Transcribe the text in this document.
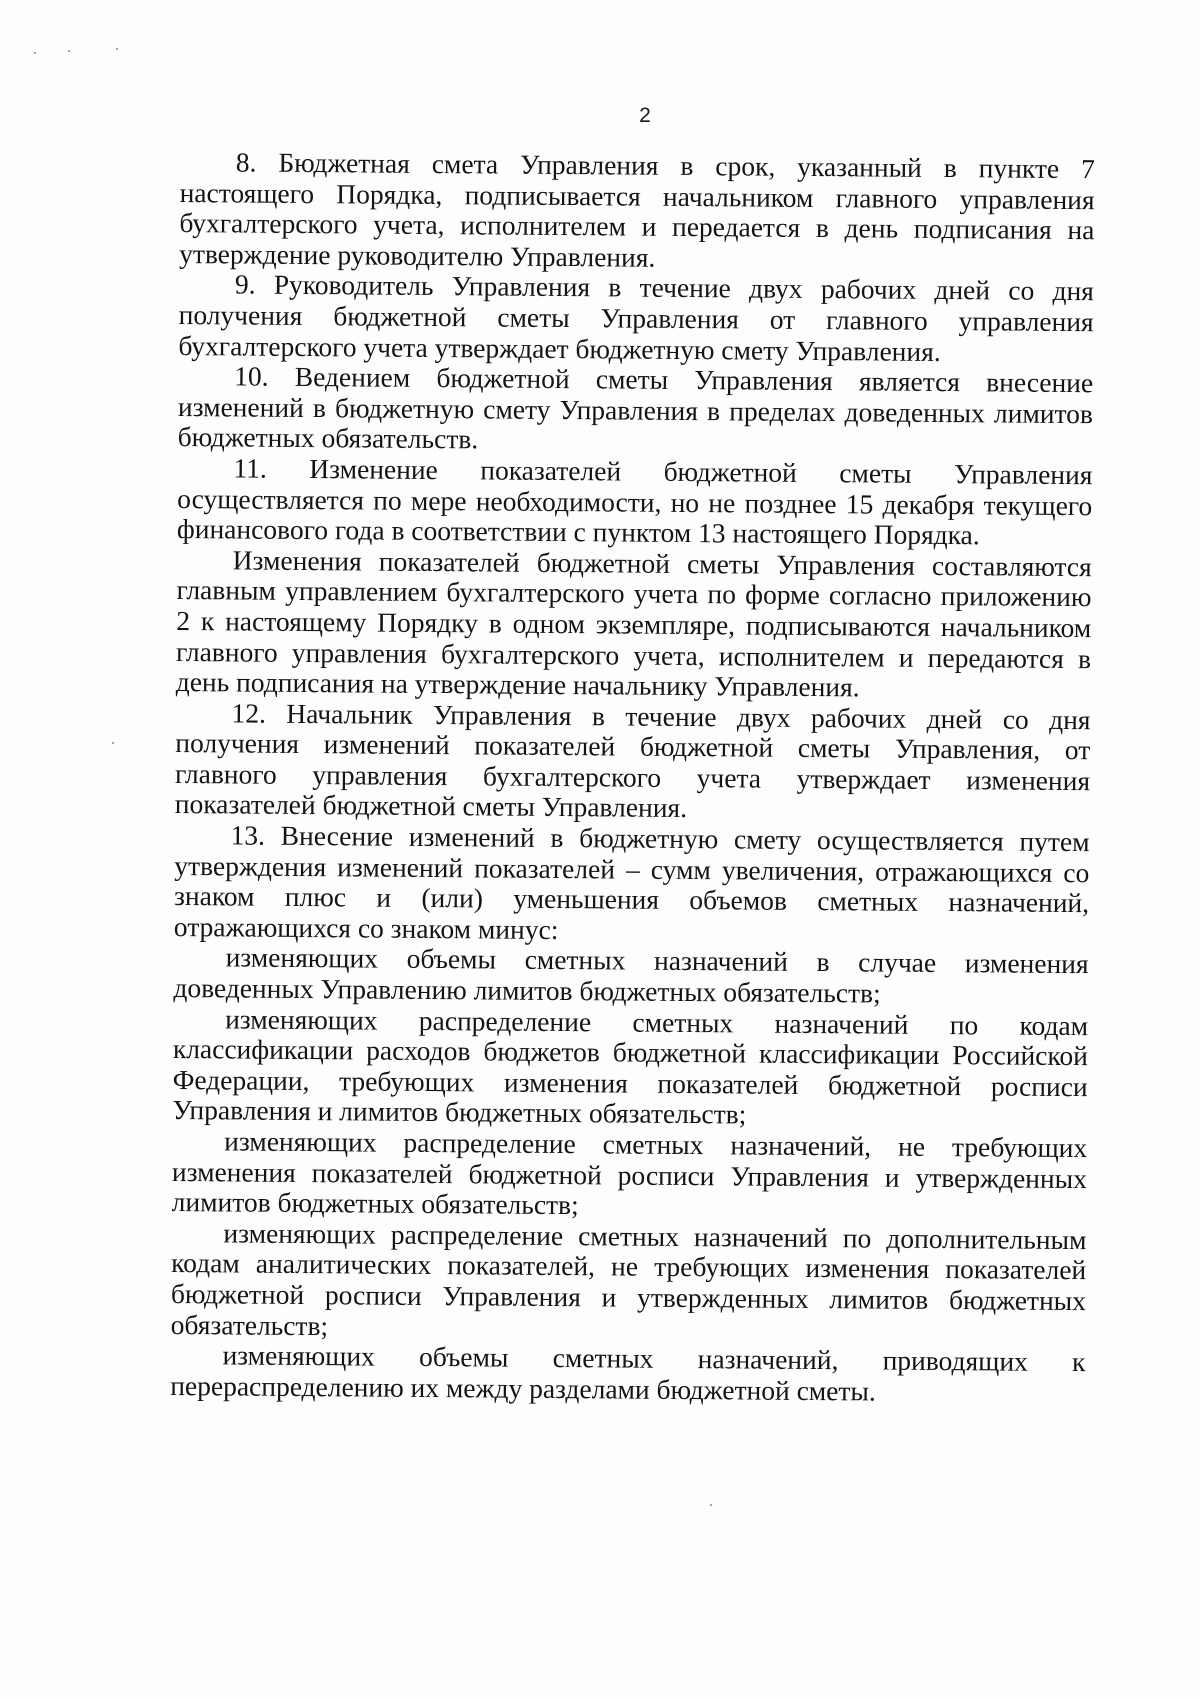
2

8. Бюджетная смета Управления в срок, указанный в пункте 7 настоящего Порядка, подписывается начальником главного управления бухгалтерского учета, исполнителем и передается в день подписания на утверждение руководителю Управления.

9. Руководитель Управления в течение двух рабочих дней со дня получения бюджетной сметы Управления от главного управления бухгалтерского учета утверждает бюджетную смету Управления.

10. Ведением бюджетной сметы Управления является внесение изменений в бюджетную смету Управления в пределах доведенных лимитов бюджетных обязательств.

11. Изменение показателей бюджетной сметы Управления осуществляется по мере необходимости, но не позднее 15 декабря текущего финансового года в соответствии с пунктом 13 настоящего Порядка.

Изменения показателей бюджетной сметы Управления составляются главным управлением бухгалтерского учета по форме согласно приложению 2 к настоящему Порядку в одном экземпляре, подписываются начальником главного управления бухгалтерского учета, исполнителем и передаются в день подписания на утверждение начальнику Управления.

12. Начальник Управления в течение двух рабочих дней со дня получения изменений показателей бюджетной сметы Управления, от главного управления бухгалтерского учета утверждает изменения показателей бюджетной сметы Управления.

13. Внесение изменений в бюджетную смету осуществляется путем утверждения изменений показателей – сумм увеличения, отражающихся со знаком плюс и (или) уменьшения объемов сметных назначений, отражающихся со знаком минус:

изменяющих объемы сметных назначений в случае изменения доведенных Управлению лимитов бюджетных обязательств;

изменяющих распределение сметных назначений по кодам классификации расходов бюджетов бюджетной классификации Российской Федерации, требующих изменения показателей бюджетной росписи Управления и лимитов бюджетных обязательств;

изменяющих распределение сметных назначений, не требующих изменения показателей бюджетной росписи Управления и утвержденных лимитов бюджетных обязательств;

изменяющих распределение сметных назначений по дополнительным кодам аналитических показателей, не требующих изменения показателей бюджетной росписи Управления и утвержденных лимитов бюджетных обязательств;

изменяющих объемы сметных назначений, приводящих к перераспределению их между разделами бюджетной сметы.
